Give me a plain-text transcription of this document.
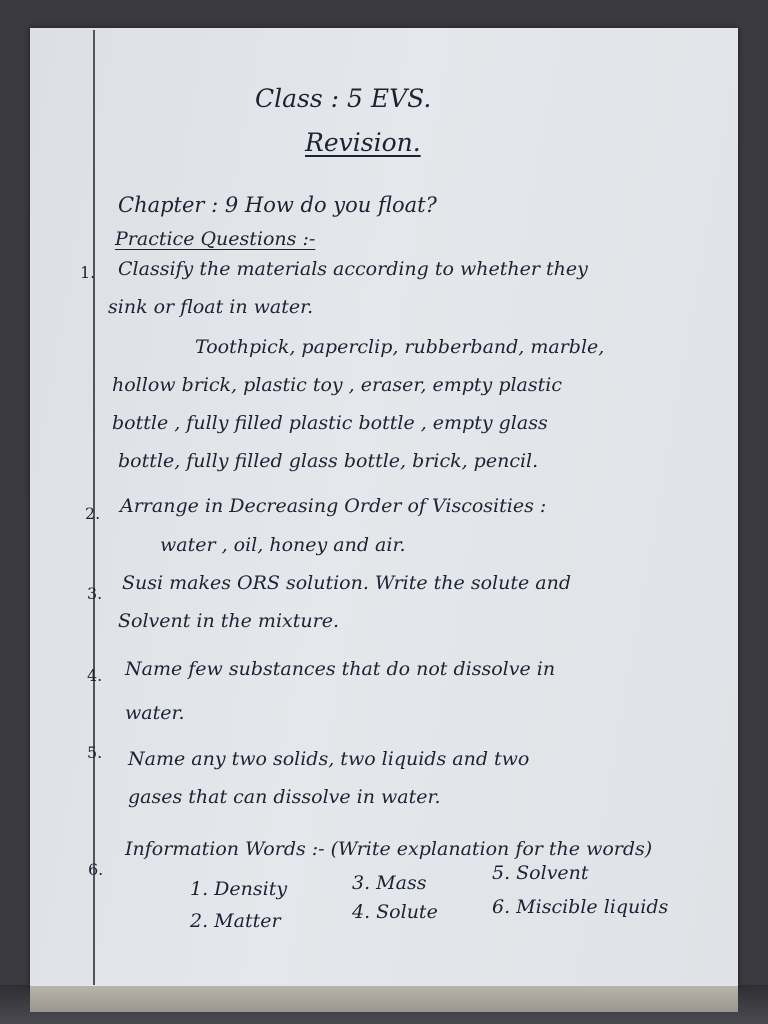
Class : 5 EVS.
Revision.
Chapter : 9 How do you float?
Practice Questions :-
1. Classify the materials according to whether they
sink or float in water.
Toothpick, paperclip, rubberband, marble,
hollow brick, plastic toy , eraser, empty plastic
bottle , fully filled plastic bottle , empty glass
bottle, fully filled glass bottle, brick, pencil.
2. Arrange in Decreasing Order of Viscosities :
water , oil, honey and air.
3. Susi makes ORS solution. Write the solute and
Solvent in the mixture.
4. Name few substances that do not dissolve in
water.
5. Name any two solids, two liquids and two
gases that can dissolve in water.
6.
Information Words :- (Write explanation for the words)
1. Density
2. Matter
3. Mass
4. Solute
5. Solvent
6. Miscible liquids
